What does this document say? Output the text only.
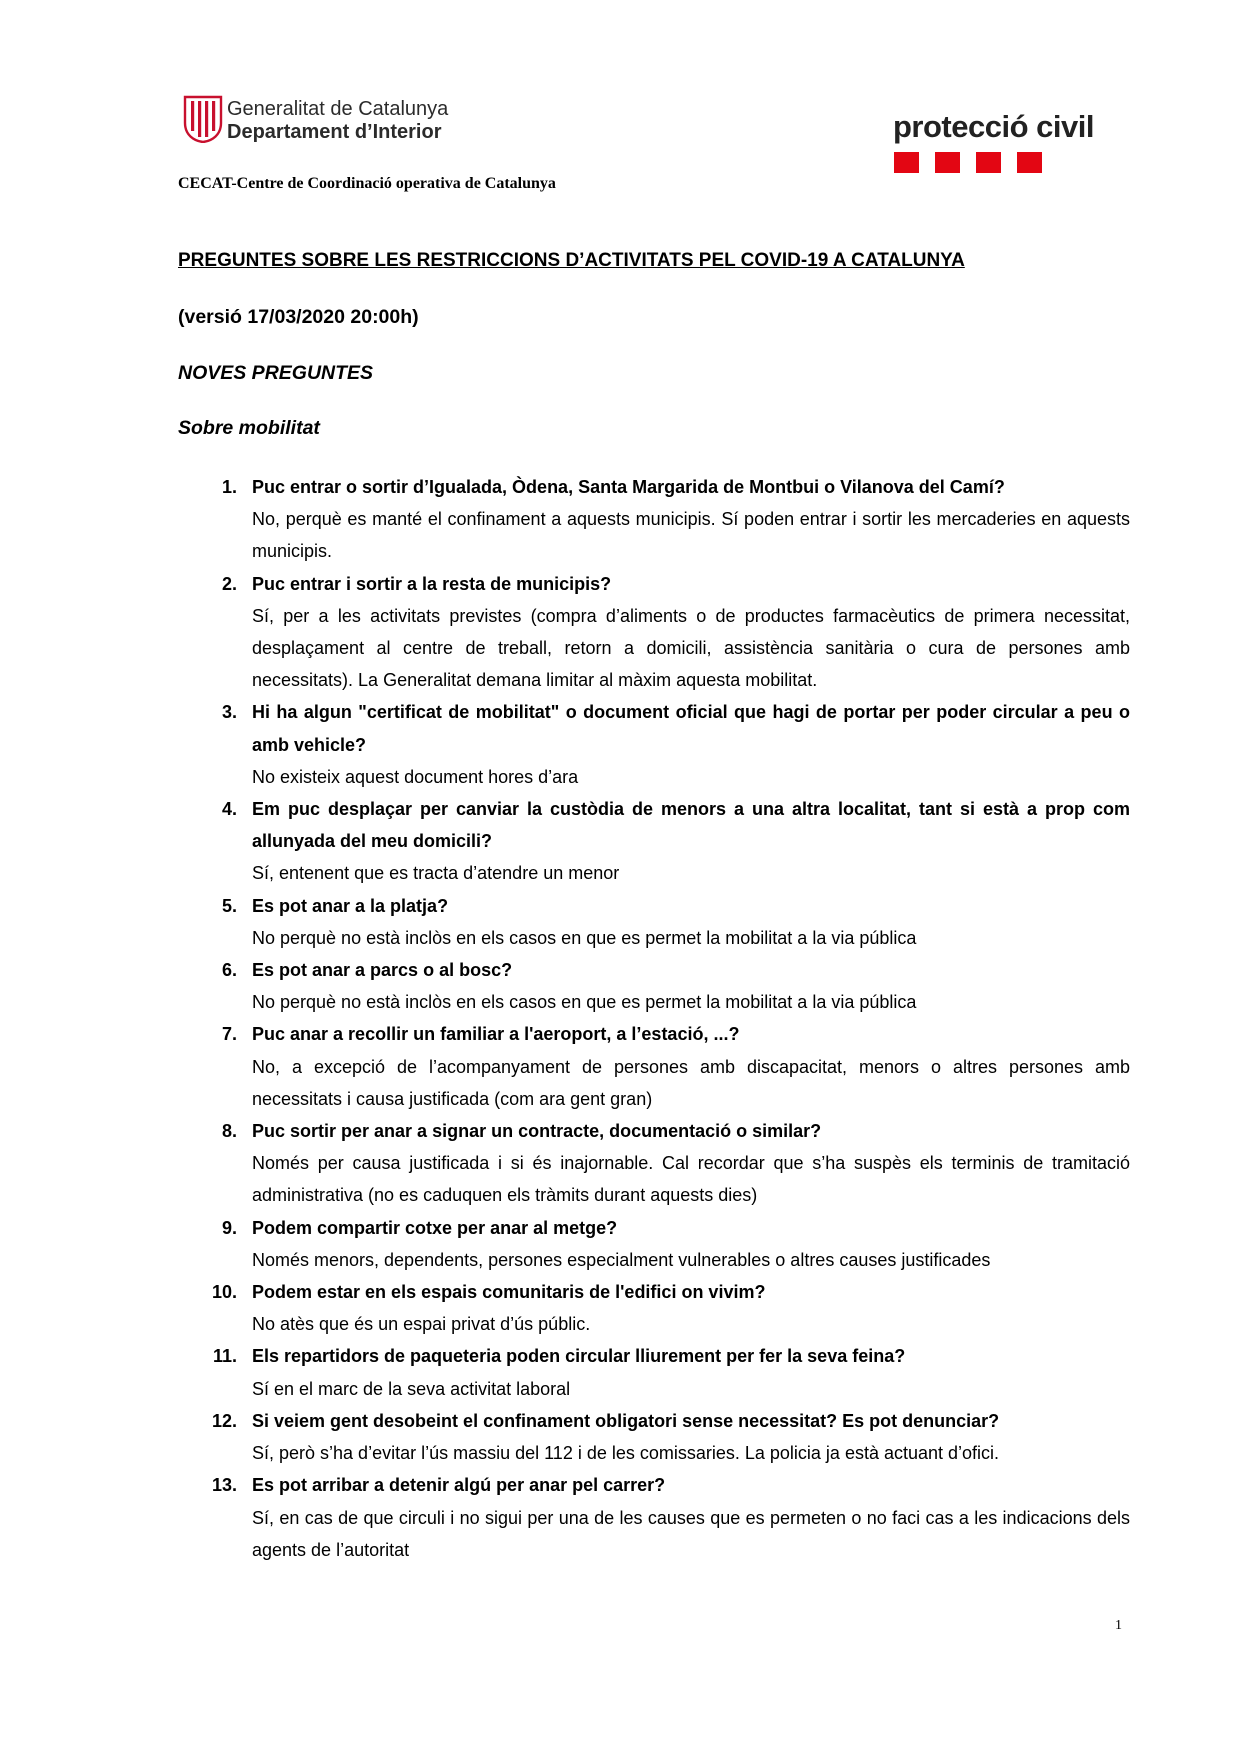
Generalitat de Catalunya
Departament d’Interior	protecció civil
CECAT-Centre de Coordinació operativa de Catalunya
PREGUNTES SOBRE LES RESTRICCIONS D’ACTIVITATS PEL COVID-19 A CATALUNYA
(versió 17/03/2020 20:00h)
NOVES PREGUNTES
Sobre mobilitat
1. Puc entrar o sortir d’Igualada, Òdena, Santa Margarida de Montbui o Vilanova del Camí?
No, perquè es manté el confinament a aquests municipis. Sí poden entrar i sortir les mercaderies en aquests municipis.
2. Puc entrar i sortir a la resta de municipis?
Sí, per a les activitats previstes (compra d’aliments o de productes farmacèutics de primera necessitat, desplaçament al centre de treball, retorn a domicili, assistència sanitària o cura de persones amb necessitats). La Generalitat demana limitar al màxim aquesta mobilitat.
3. Hi ha algun "certificat de mobilitat" o document oficial que hagi de portar per poder circular a peu o amb vehicle?
No existeix aquest document hores d’ara
4. Em puc desplaçar per canviar la custòdia de menors a una altra localitat, tant si està a prop com allunyada del meu domicili?
Sí, entenent que es tracta d’atendre un menor
5. Es pot anar a la platja?
No perquè no està inclòs en els casos en que es permet la mobilitat a la via pública
6. Es pot anar a parcs o al bosc?
No perquè no està inclòs en els casos en que es permet la mobilitat a la via pública
7. Puc anar a recollir un familiar a l'aeroport, a l’estació, ...?
No, a excepció de l’acompanyament de persones amb discapacitat, menors o altres persones amb necessitats i causa justificada (com ara gent gran)
8. Puc sortir per anar a signar un contracte, documentació o similar?
Només per causa justificada i si és inajornable. Cal recordar que s’ha suspès els terminis de tramitació administrativa (no es caduquen els tràmits durant aquests dies)
9. Podem compartir cotxe per anar al metge?
Només menors, dependents, persones especialment vulnerables o altres causes justificades
10. Podem estar en els espais comunitaris de l'edifici on vivim?
No atès que és un espai privat d’ús públic.
11. Els repartidors de paqueteria poden circular lliurement per fer la seva feina?
Sí en el marc de la seva activitat laboral
12. Si veiem gent desobeint el confinament obligatori sense necessitat? Es pot denunciar?
Sí, però s’ha d’evitar l’ús massiu del 112 i de les comissaries. La policia ja està actuant d’ofici.
13. Es pot arribar a detenir algú per anar pel carrer?
Sí, en cas de que circuli i no sigui per una de les causes que es permeten o no faci cas a les indicacions dels agents de l’autoritat
1
